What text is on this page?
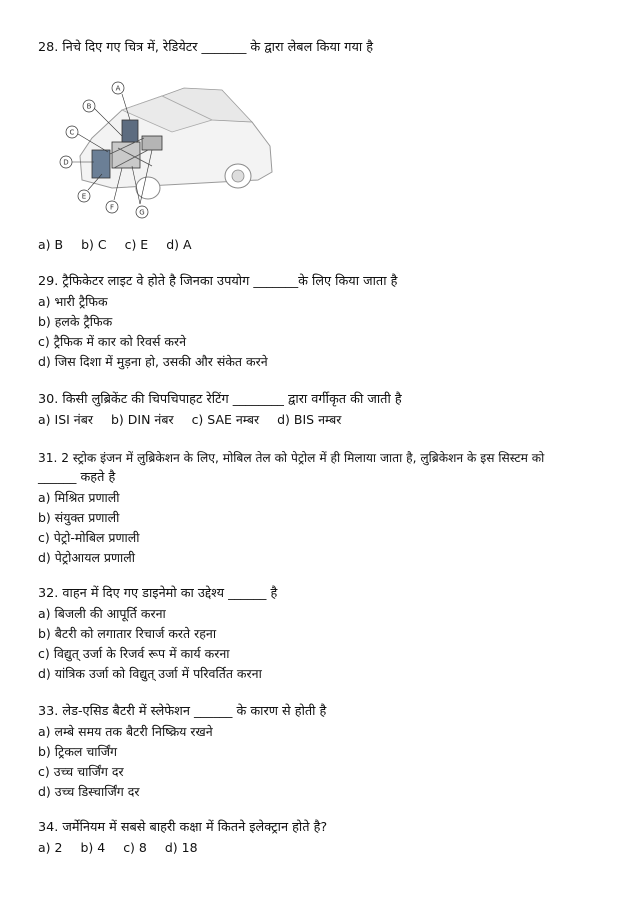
28. निचे दिए गए चित्र में, रेडियेटर _______ के द्वारा लेबल किया गया है
A
B
C
D
E
F
G
a) B b) C c) E d) A
29. ट्रैफिकेटर लाइट वे होते है जिनका उपयोग _______के लिए किया जाता है
a) भारी ट्रैफिक
b) हलके ट्रैफिक
c) ट्रैफिक में कार को रिवर्स करने
d) जिस दिशा में मुड़ना हो, उसकी और संकेत करने
30. किसी लुब्रिकेंट की चिपचिपाहट रेटिंग ________ द्वारा वर्गीकृत की जाती है
a) ISI नंबर b) DIN नंबर c) SAE नम्बर d) BIS नम्बर
31. 2 स्ट्रोक इंजन में लुब्रिकेशन के लिए, मोबिल तेल को पेट्रोल में ही मिलाया जाता है, लुब्रिकेशन के इस सिस्टम को
______ कहते है
a) मिश्रित प्रणाली
b) संयुक्त प्रणाली
c) पेट्रो-मोबिल प्रणाली
d) पेट्रोआयल प्रणाली
32. वाहन में दिए गए डाइनेमो का उद्देश्य ______ है
a) बिजली की आपूर्ति करना
b) बैटरी को लगातार रिचार्ज करते रहना
c) विद्युत् उर्जा के रिजर्व रूप में कार्य करना
d) यांत्रिक उर्जा को विद्युत् उर्जा में परिवर्तित करना
33. लेड-एसिड बैटरी में स्लेफेशन ______ के कारण से होती है
a) लम्बे समय तक बैटरी निष्क्रिय रखने
b) ट्रिकल चार्जिंग
c) उच्च चार्जिंग दर
d) उच्च डिस्चार्जिंग दर
34. जर्मेनियम में सबसे बाहरी कक्षा में कितने इलेक्ट्रान होते है?
a) 2 b) 4 c) 8 d) 18
